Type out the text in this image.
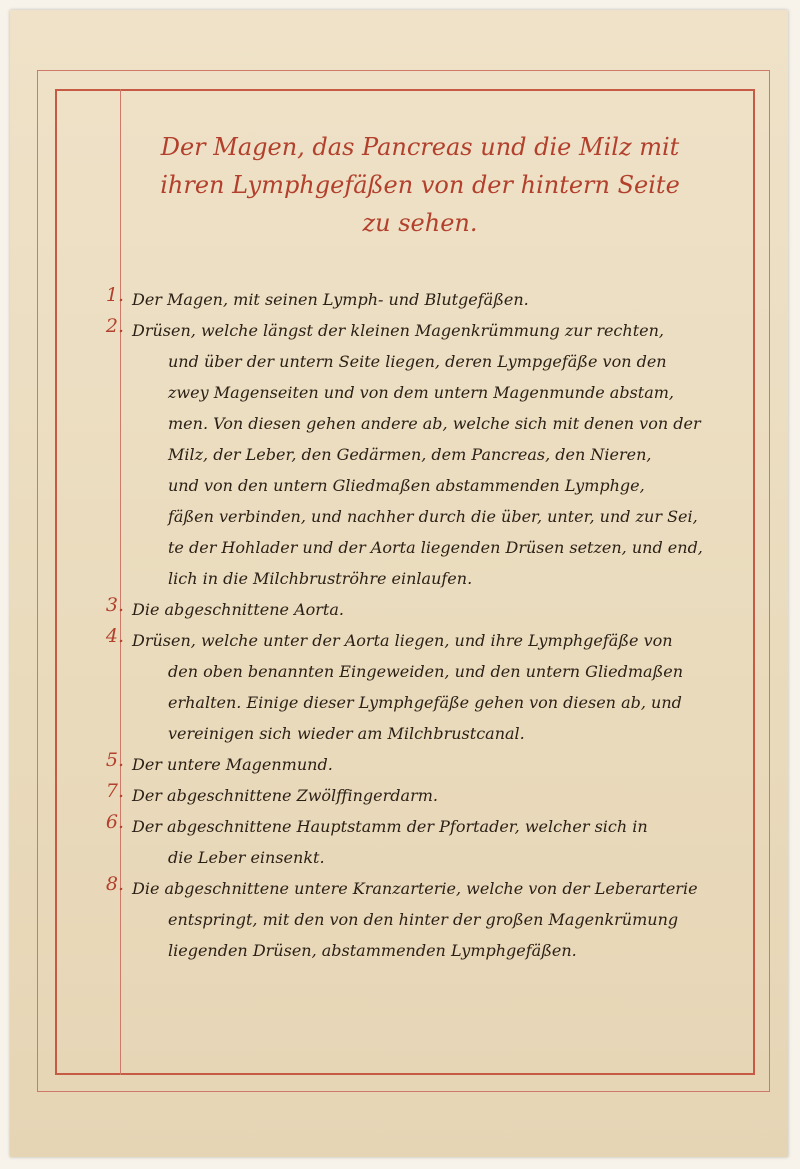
Der Magen, das Pancreas und die Milz mit
ihren Lymphgefäßen von der hintern Seite
zu sehen.
1. Der Magen, mit seinen Lymph- und Blutgefäßen.
2. Drüsen, welche längst der kleinen Magenkrümmung zur rechten,
und über der untern Seite liegen, deren Lympgefäße von den
zwey Magenseiten und von dem untern Magenmunde abstam,
men. Von diesen gehen andere ab, welche sich mit denen von der
Milz, der Leber, den Gedärmen, dem Pancreas, den Nieren,
und von den untern Gliedmaßen abstammenden Lymphge,
fäßen verbinden, und nachher durch die über, unter, und zur Sei,
te der Hohlader und der Aorta liegenden Drüsen setzen, und end,
lich in die Milchbruströhre einlaufen.
3. Die abgeschnittene Aorta.
4. Drüsen, welche unter der Aorta liegen, und ihre Lymphgefäße von
den oben benannten Eingeweiden, und den untern Gliedmaßen
erhalten. Einige dieser Lymphgefäße gehen von diesen ab, und
vereinigen sich wieder am Milchbrustcanal.
5. Der untere Magenmund.
7. Der abgeschnittene Zwölffingerdarm.
6. Der abgeschnittene Hauptstamm der Pfortader, welcher sich in
die Leber einsenkt.
8. Die abgeschnittene untere Kranzarterie, welche von der Leberarterie
entspringt, mit den von den hinter der großen Magenkrümung
liegenden Drüsen, abstammenden Lymphgefäßen.
